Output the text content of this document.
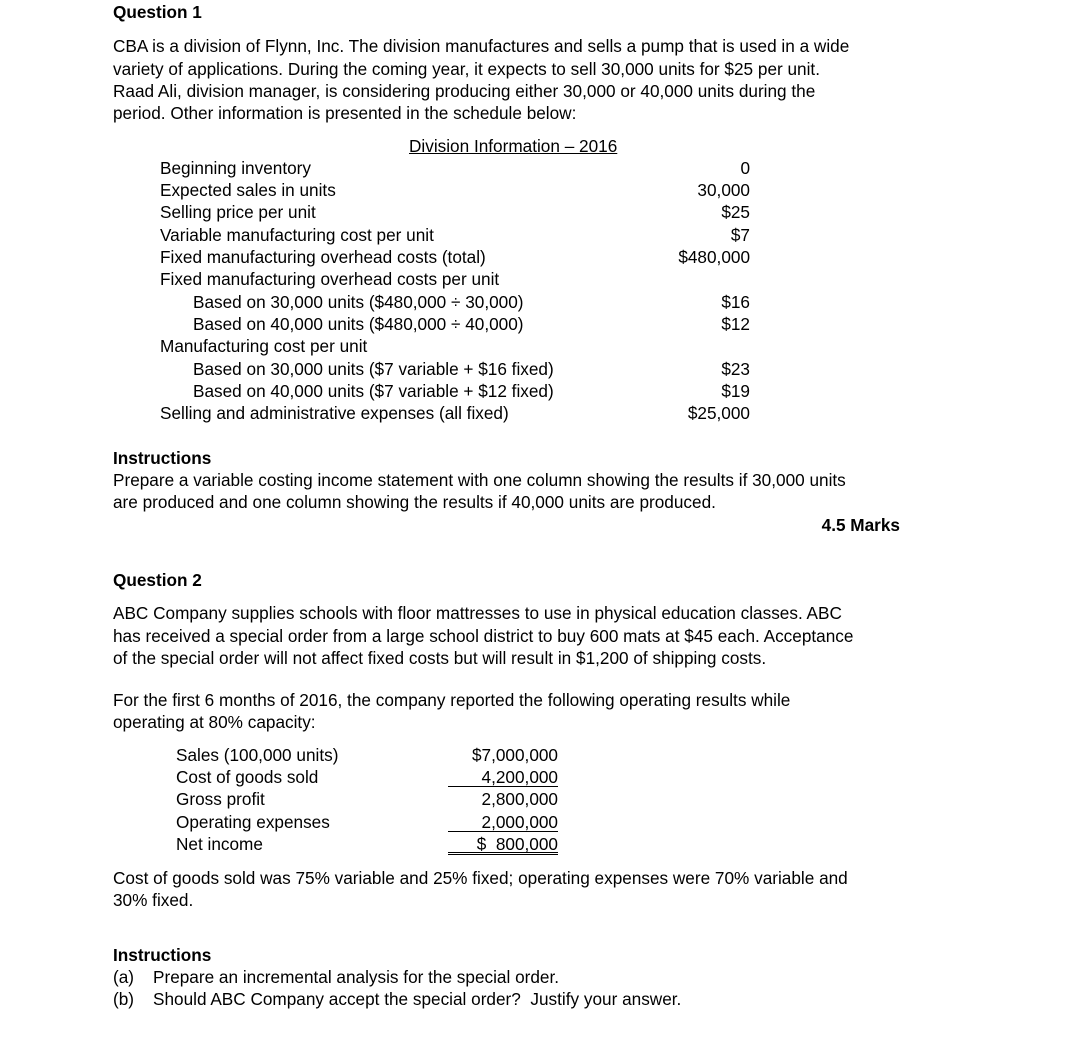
Question 1

CBA is a division of Flynn, Inc. The division manufactures and sells a pump that is used in a wide

variety of applications. During the coming year, it expects to sell 30,000 units for $25 per unit.

Raad Ali, division manager, is considering producing either 30,000 or 40,000 units during the

period. Other information is presented in the schedule below:

Division Information – 2016
Beginning inventory	0
Expected sales in units	30,000
Selling price per unit	$25
Variable manufacturing cost per unit	$7
Fixed manufacturing overhead costs (total)	$480,000
Fixed manufacturing overhead costs per unit
Based on 30,000 units ($480,000 ÷ 30,000)	$16
Based on 40,000 units ($480,000 ÷ 40,000)	$12
Manufacturing cost per unit
Based on 30,000 units ($7 variable + $16 fixed)	$23
Based on 40,000 units ($7 variable + $12 fixed)	$19
Selling and administrative expenses (all fixed)	$25,000
Instructions

Prepare a variable costing income statement with one column showing the results if 30,000 units

are produced and one column showing the results if 40,000 units are produced.

4.5 Marks
Question 2

ABC Company supplies schools with floor mattresses to use in physical education classes. ABC

has received a special order from a large school district to buy 600 mats at $45 each. Acceptance

of the special order will not affect fixed costs but will result in $1,200 of shipping costs.

For the first 6 months of 2016, the company reported the following operating results while

operating at 80% capacity:

Sales (100,000 units)	$7,000,000
Cost of goods sold	4,200,000
Gross profit	2,800,000
Operating expenses	2,000,000
Net income	$  800,000

Cost of goods sold was 75% variable and 25% fixed; operating expenses were 70% variable and

30% fixed.

Instructions
(a) Prepare an incremental analysis for the special order.
(b) Should ABC Company accept the special order?  Justify your answer.
